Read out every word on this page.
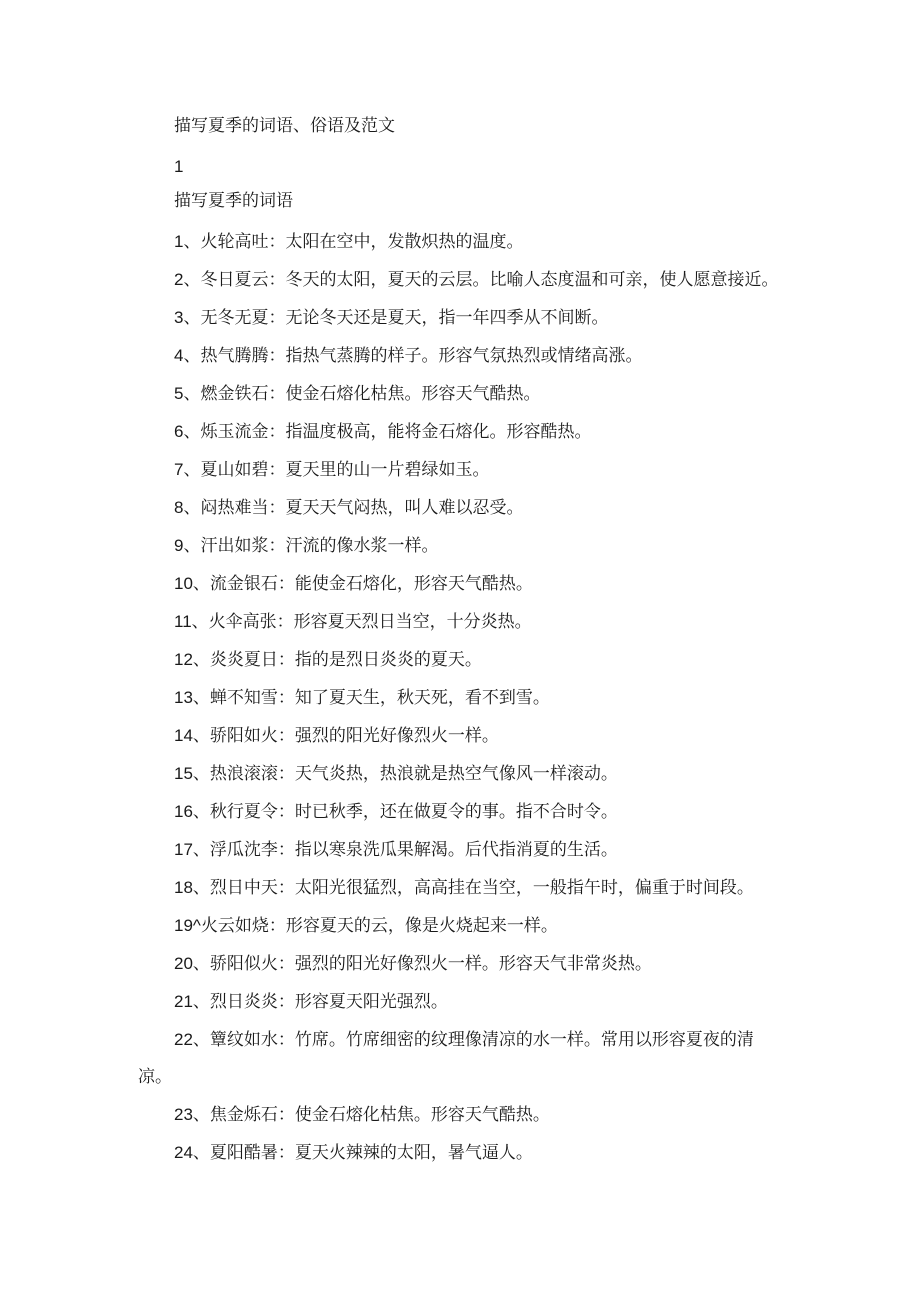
描写夏季的词语、俗语及范文
1
描写夏季的词语
1、火轮高吐：太阳在空中，发散炽热的温度。
2、冬日夏云：冬天的太阳，夏天的云层。比喻人态度温和可亲，使人愿意接近。
3、无冬无夏：无论冬天还是夏天，指一年四季从不间断。
4、热气腾腾：指热气蒸腾的样子。形容气氛热烈或情绪高涨。
5、燃金铁石：使金石熔化枯焦。形容天气酷热。
6、烁玉流金：指温度极高，能将金石熔化。形容酷热。
7、夏山如碧：夏天里的山一片碧绿如玉。
8、闷热难当：夏天天气闷热，叫人难以忍受。
9、汗出如浆：汗流的像水浆一样。
10、流金银石：能使金石熔化，形容天气酷热。
11、火伞高张：形容夏天烈日当空，十分炎热。
12、炎炎夏日：指的是烈日炎炎的夏天。
13、蝉不知雪：知了夏天生，秋天死，看不到雪。
14、骄阳如火：强烈的阳光好像烈火一样。
15、热浪滚滚：天气炎热，热浪就是热空气像风一样滚动。
16、秋行夏令：时已秋季，还在做夏令的事。指不合时令。
17、浮瓜沈李：指以寒泉洗瓜果解渴。后代指消夏的生活。
18、烈日中天：太阳光很猛烈，高高挂在当空，一般指午时，偏重于时间段。
19^火云如烧：形容夏天的云，像是火烧起来一样。
20、骄阳似火：强烈的阳光好像烈火一样。形容天气非常炎热。
21、烈日炎炎：形容夏天阳光强烈。
22、簟纹如水：竹席。竹席细密的纹理像清凉的水一样。常用以形容夏夜的清凉。
23、焦金烁石：使金石熔化枯焦。形容天气酷热。
24、夏阳酷暑：夏天火辣辣的太阳，暑气逼人。
